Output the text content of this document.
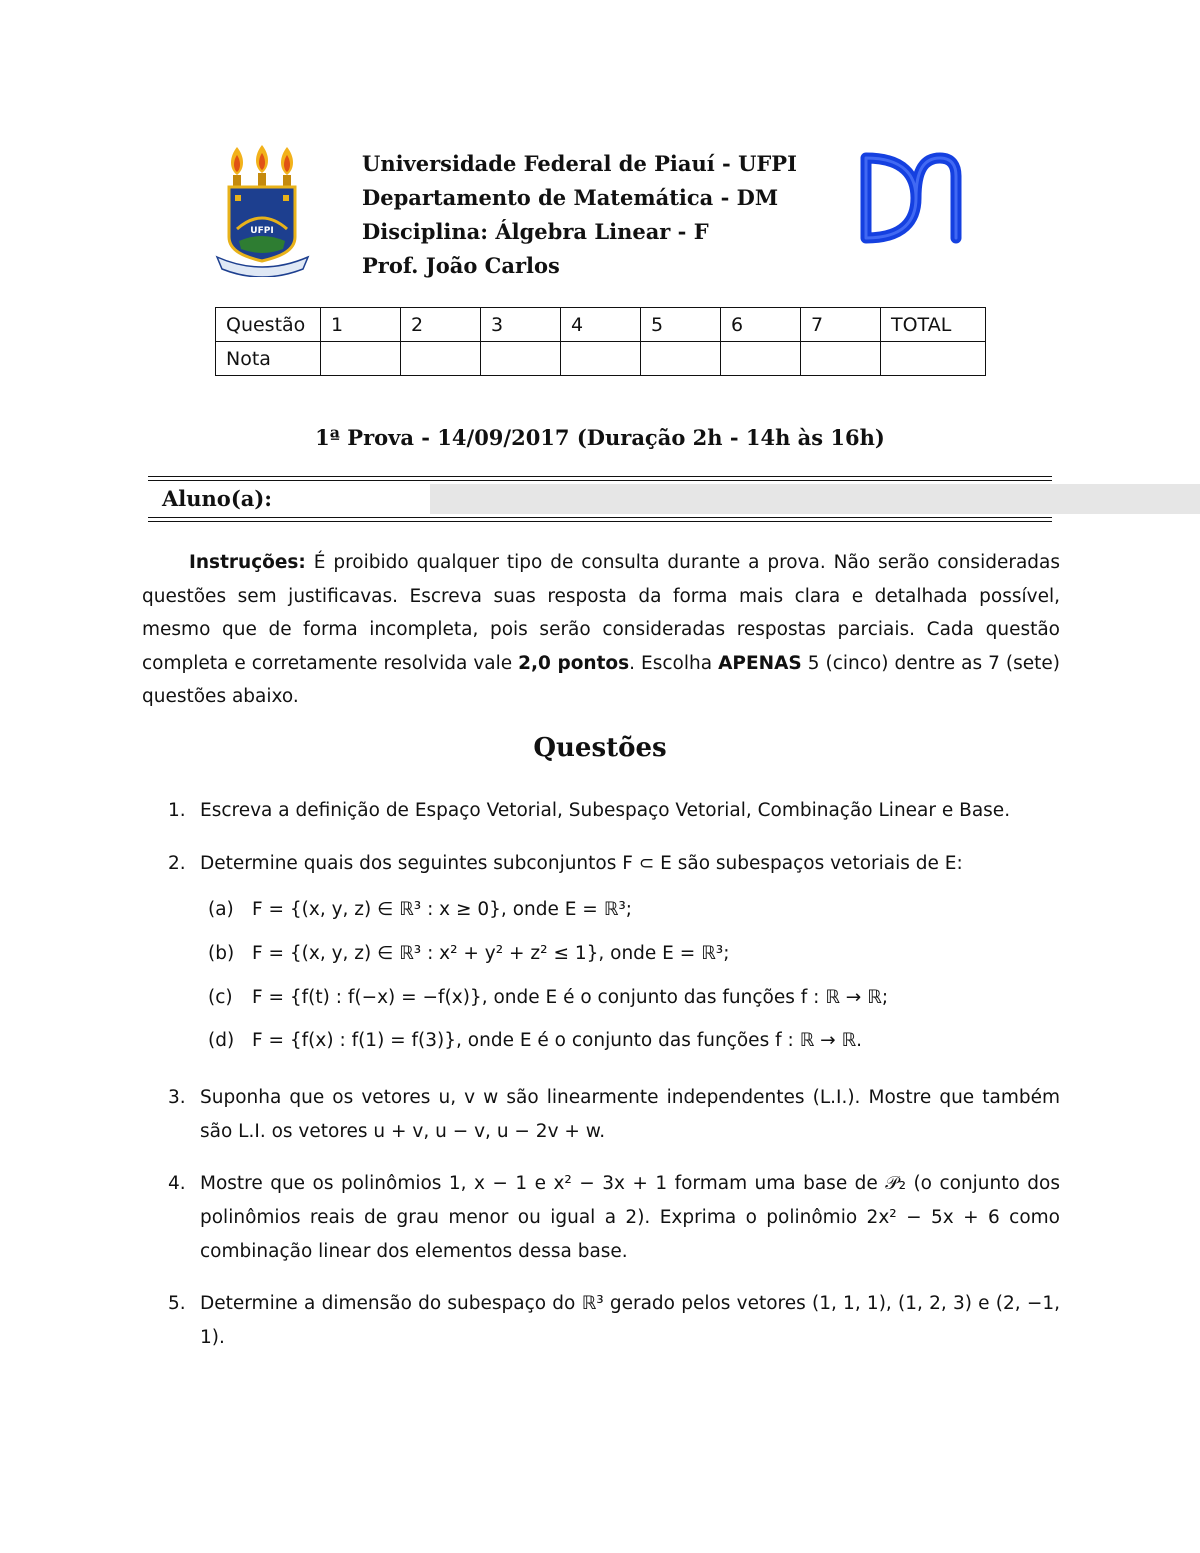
UFPI
Universidade Federal de Piauí - UFPI
Departamento de Matemática - DM
Disciplina: Álgebra Linear - F
Prof. João Carlos
Questão	1	2	3	4	5	6	7	TOTAL
Nota								
1ª Prova - 14/09/2017 (Duração 2h - 14h às 16h)
Aluno(a):
Instruções: É proibido qualquer tipo de consulta durante a prova. Não serão consideradas questões sem justificavas. Escreva suas resposta da forma mais clara e detalhada possível, mesmo que de forma incompleta, pois serão consideradas respostas parciais. Cada questão completa e corretamente resolvida vale 2,0 pontos. Escolha APENAS 5 (cinco) dentre as 7 (sete) questões abaixo.
Questões
1. Escreva a definição de Espaço Vetorial, Subespaço Vetorial, Combinação Linear e Base.
2. Determine quais dos seguintes subconjuntos F ⊂ E são subespaços vetoriais de E:
(a) F = {(x, y, z) ∈ ℝ³ : x ≥ 0}, onde E = ℝ³;
(b) F = {(x, y, z) ∈ ℝ³ : x² + y² + z² ≤ 1}, onde E = ℝ³;
(c) F = {f(t) : f(−x) = −f(x)}, onde E é o conjunto das funções f : ℝ → ℝ;
(d) F = {f(x) : f(1) = f(3)}, onde E é o conjunto das funções f : ℝ → ℝ.
3. Suponha que os vetores u, v w são linearmente independentes (L.I.). Mostre que também são L.I. os vetores u + v, u − v, u − 2v + w.
4. Mostre que os polinômios 1, x − 1 e x² − 3x + 1 formam uma base de 𝒫₂ (o conjunto dos polinômios reais de grau menor ou igual a 2). Exprima o polinômio 2x² − 5x + 6 como combinação linear dos elementos dessa base.
5. Determine a dimensão do subespaço do ℝ³ gerado pelos vetores (1, 1, 1), (1, 2, 3) e (2, −1, 1).
